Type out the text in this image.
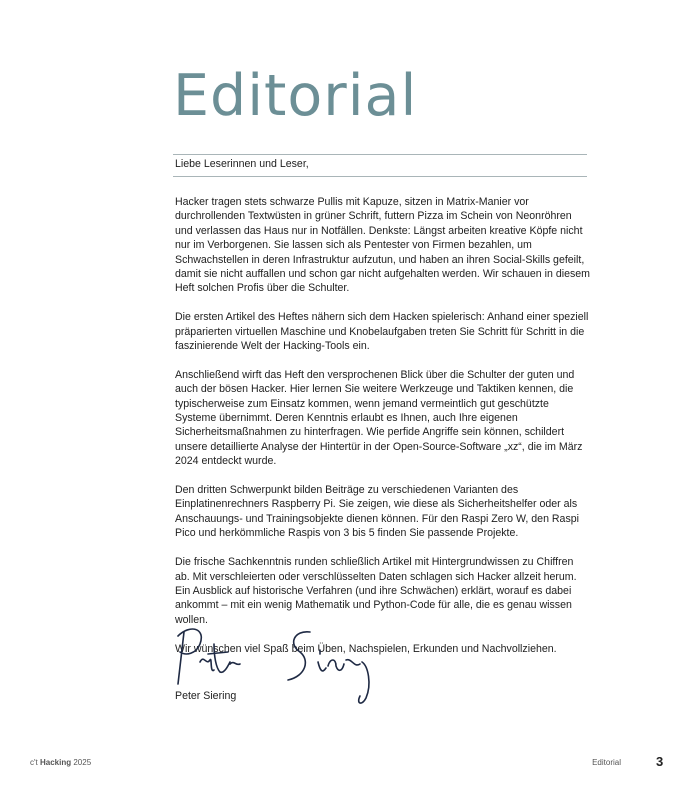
Editorial

Liebe Leserinnen und Leser,

Hacker tragen stets schwarze Pullis mit Kapuze, sitzen in Matrix-Manier vor durchrollenden Textwüsten in grüner Schrift, futtern Pizza im Schein von Neonröhren und verlassen das Haus nur in Notfällen. Denkste: Längst arbeiten kreative Köpfe nicht nur im Verborgenen. Sie lassen sich als Pentester von Firmen bezahlen, um Schwachstellen in deren Infrastruktur aufzutun, und haben an ihren Social-Skills gefeilt, damit sie nicht auffallen und schon gar nicht aufgehalten werden. Wir schauen in diesem Heft solchen Profis über die Schulter.

Die ersten Artikel des Heftes nähern sich dem Hacken spielerisch: Anhand einer speziell präparierten virtuellen Maschine und Knobelaufgaben treten Sie Schritt für Schritt in die faszinierende Welt der Hacking-Tools ein.

Anschließend wirft das Heft den versprochenen Blick über die Schulter der guten und auch der bösen Hacker. Hier lernen Sie weitere Werkzeuge und Taktiken kennen, die typischerweise zum Einsatz kommen, wenn jemand vermeintlich gut geschützte Systeme übernimmt. Deren Kenntnis erlaubt es Ihnen, auch Ihre eigenen Sicherheitsmaßnahmen zu hinterfragen. Wie perfide Angriffe sein können, schildert unsere detaillierte Analyse der Hintertür in der Open-Source-Software „xz“, die im März 2024 entdeckt wurde.

Den dritten Schwerpunkt bilden Beiträge zu verschiedenen Varianten des Einplatinenrechners Raspberry Pi. Sie zeigen, wie diese als Sicherheitshelfer oder als Anschauungs- und Trainingsobjekte dienen können. Für den Raspi Zero W, den Raspi Pico und herkömmliche Raspis von 3 bis 5 finden Sie passende Projekte.

Die frische Sachkenntnis runden schließlich Artikel mit Hintergrundwissen zu Chiffren ab. Mit verschleierten oder verschlüsselten Daten schlagen sich Hacker allzeit herum. Ein Ausblick auf historische Verfahren (und ihre Schwächen) erklärt, worauf es dabei ankommt – mit ein wenig Mathematik und Python-Code für alle, die es genau wissen wollen.

Wir wünschen viel Spaß beim Üben, Nachspielen, Erkunden und Nachvollziehen.

Peter Siering

c't Hacking 2025	Editorial	3
